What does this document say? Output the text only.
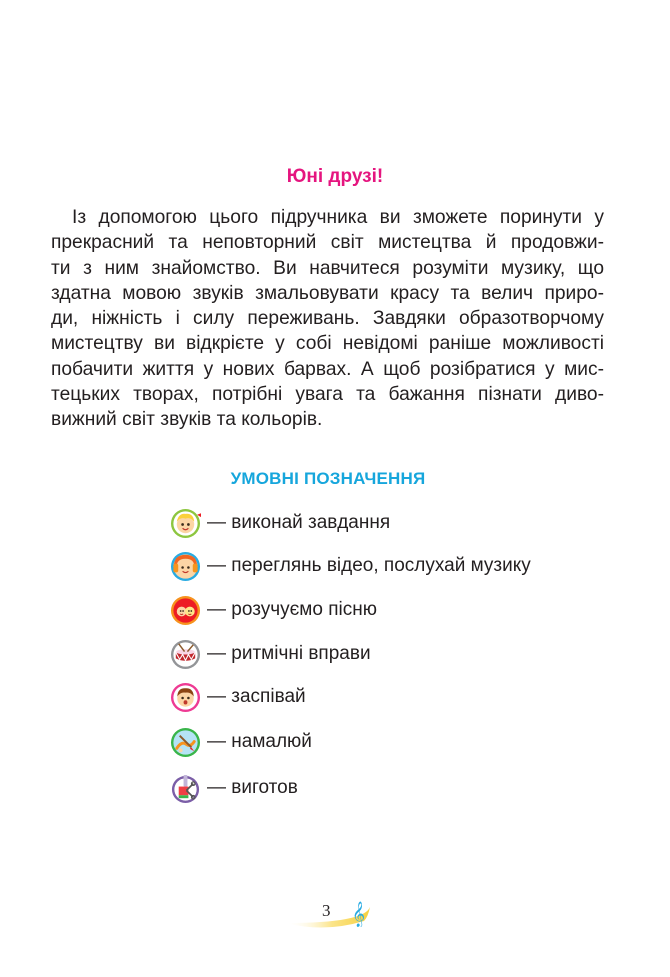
Юні друзі!

Із допомогою цього підручника ви зможете поринути у
прекрасний та неповторний світ мистецтва й продовжи-
ти з ним знайомство. Ви навчитеся розуміти музику, що
здатна мовою звуків змальовувати красу та велич приро-
ди, ніжність і силу переживань. Завдяки образотворчому
мистецтву ви відкрієте у собі невідомі раніше можливості
побачити життя у нових барвах. А щоб розібратися у мис-
тецьких творах, потрібні увага та бажання пізнати диво-
вижний світ звуків та кольорів.

УМОВНІ ПОЗНАЧЕННЯ
— виконай завдання
— переглянь відео, послухай музику
— розучуємо пісню
— ритмічні вправи
— заспівай
— намалюй
— виготов
3 𝄞
